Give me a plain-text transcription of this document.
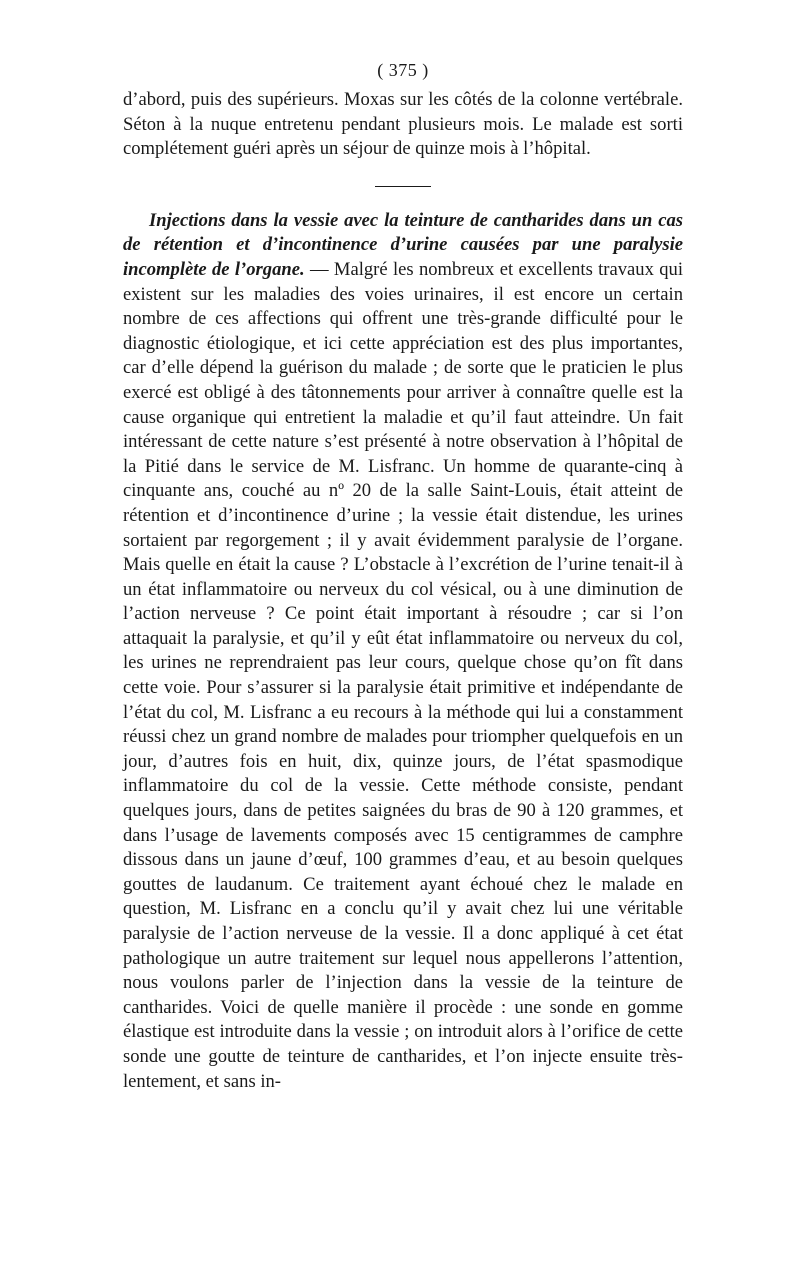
( 375 )

d’abord, puis des supérieurs. Moxas sur les côtés de la colonne vertébrale. Séton à la nuque entretenu pendant plusieurs mois. Le malade est sorti complétement guéri après un séjour de quinze mois à l’hôpital.

Injections dans la vessie avec la teinture de cantharides dans un cas de rétention et d’incontinence d’urine causées par une paralysie incomplète de l’organe. — Malgré les nombreux et excellents travaux qui existent sur les maladies des voies urinaires, il est encore un certain nombre de ces affections qui offrent une très-grande difficulté pour le diagnostic étiologique, et ici cette appréciation est des plus importantes, car d’elle dépend la guérison du malade ; de sorte que le praticien le plus exercé est obligé à des tâtonnements pour arriver à connaître quelle est la cause organique qui entretient la maladie et qu’il faut atteindre. Un fait intéressant de cette nature s’est présenté à notre observation à l’hôpital de la Pitié dans le service de M. Lisfranc. Un homme de quarante-cinq à cinquante ans, couché au nº 20 de la salle Saint-Louis, était atteint de rétention et d’incontinence d’urine ; la vessie était distendue, les urines sortaient par regorgement ; il y avait évidemment paralysie de l’organe. Mais quelle en était la cause ? L’obstacle à l’excrétion de l’urine tenait-il à un état inflammatoire ou nerveux du col vésical, ou à une diminution de l’action nerveuse ? Ce point était important à résoudre ; car si l’on attaquait la paralysie, et qu’il y eût état inflammatoire ou nerveux du col, les urines ne reprendraient pas leur cours, quelque chose qu’on fît dans cette voie. Pour s’assurer si la paralysie était primitive et indépendante de l’état du col, M. Lisfranc a eu recours à la méthode qui lui a constamment réussi chez un grand nombre de malades pour triompher quelquefois en un jour, d’autres fois en huit, dix, quinze jours, de l’état spasmodique inflammatoire du col de la vessie. Cette méthode consiste, pendant quelques jours, dans de petites saignées du bras de 90 à 120 grammes, et dans l’usage de lavements composés avec 15 centigrammes de camphre dissous dans un jaune d’œuf, 100 grammes d’eau, et au besoin quelques gouttes de laudanum. Ce traitement ayant échoué chez le malade en question, M. Lisfranc en a conclu qu’il y avait chez lui une véritable paralysie de l’action nerveuse de la vessie. Il a donc appliqué à cet état pathologique un autre traitement sur lequel nous appellerons l’attention, nous voulons parler de l’injection dans la vessie de la teinture de cantharides. Voici de quelle manière il procède : une sonde en gomme élastique est introduite dans la vessie ; on introduit alors à l’orifice de cette sonde une goutte de teinture de cantharides, et l’on injecte ensuite très-lentement, et sans in-
